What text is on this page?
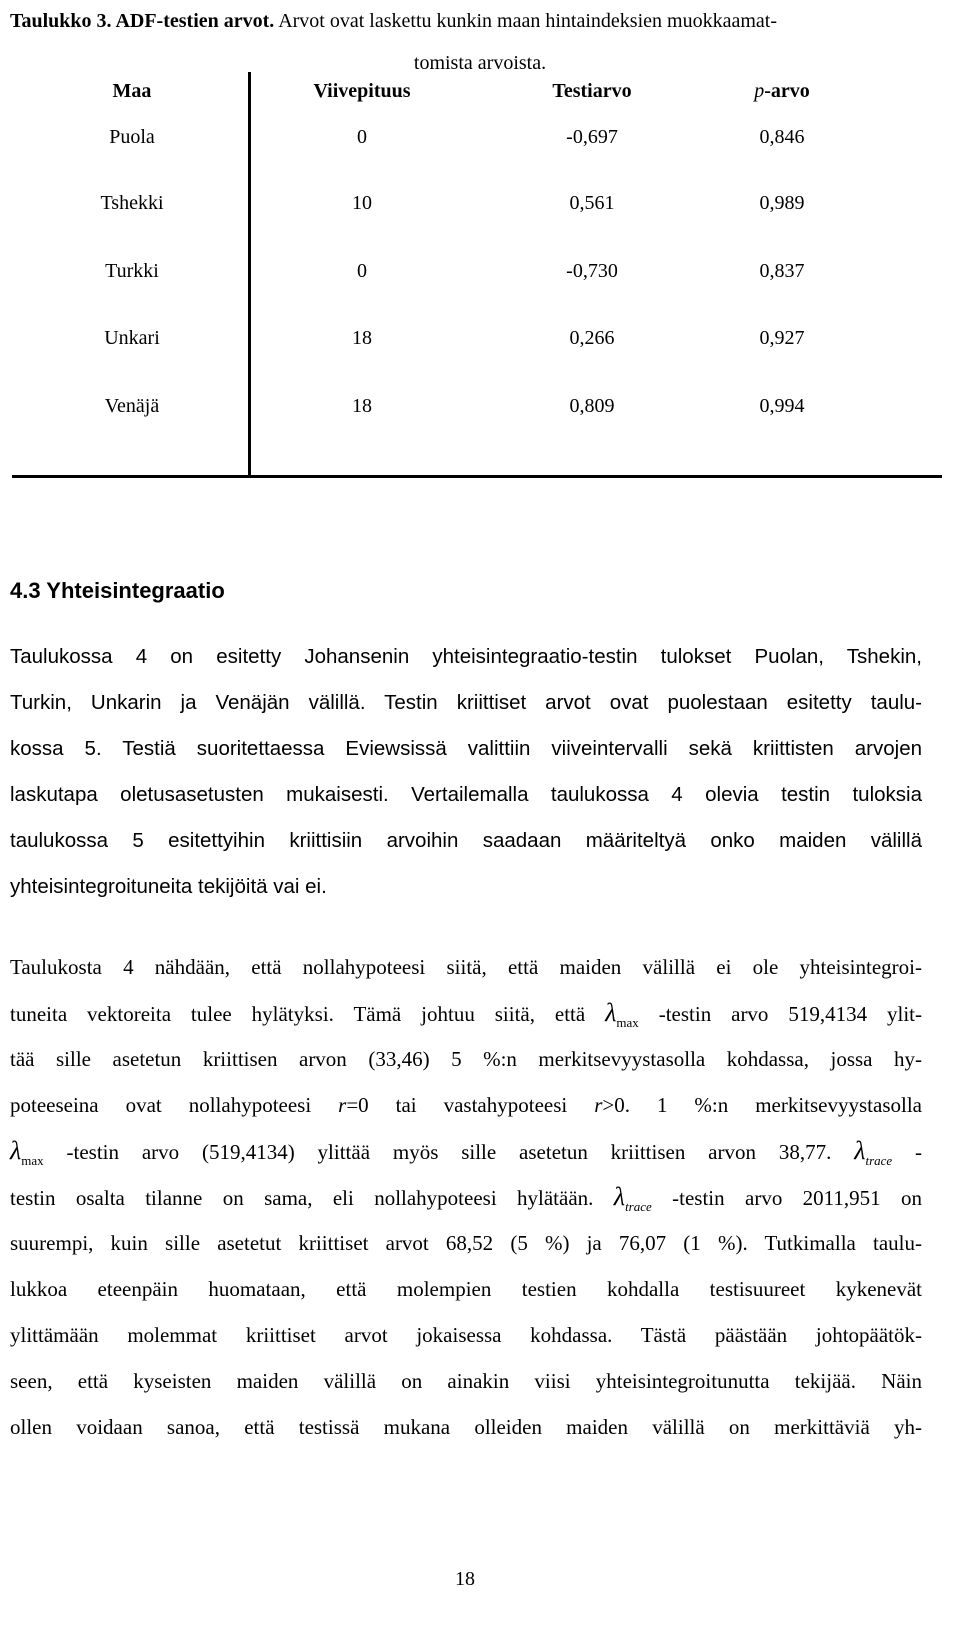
Taulukko 3. ADF-testien arvot. Arvot ovat laskettu kunkin maan hintaindeksien muokkaamat-
tomista arvoista.
Maa	Viivepituus	Testiarvo	p-arvo
Puola	0	-0,697	0,846
Tshekki	10	0,561	0,989
Turkki	0	-0,730	0,837
Unkari	18	0,266	0,927
Venäjä	18	0,809	0,994
4.3 Yhteisintegraatio
Taulukossa 4 on esitetty Johansenin yhteisintegraatio-testin tulokset Puolan, Tshekin,
Turkin, Unkarin ja Venäjän välillä. Testin kriittiset arvot ovat puolestaan esitetty taulu-
kossa 5. Testiä suoritettaessa Eviewsissä valittiin viiveintervalli sekä kriittisten arvojen
laskutapa oletusasetusten mukaisesti. Vertailemalla taulukossa 4 olevia testin tuloksia
taulukossa 5 esitettyihin kriittisiin arvoihin saadaan määriteltyä onko maiden välillä
yhteisintegroituneita tekijöitä vai ei.
Taulukosta 4 nähdään, että nollahypoteesi siitä, että maiden välillä ei ole yhteisintegroi-
tuneita vektoreita tulee hylätyksi. Tämä johtuu siitä, että $\lambda_{max}$ -testin arvo 519,4134 ylit-
tää sille asetetun kriittisen arvon (33,46) 5 %:n merkitsevyystasolla kohdassa, jossa hy-
poteeseina ovat nollahypoteesi r=0 tai vastahypoteesi r>0. 1 %:n merkitsevyystasolla
$\lambda_{max}$ -testin arvo (519,4134) ylittää myös sille asetetun kriittisen arvon 38,77. $\lambda_{trace}$ -
testin osalta tilanne on sama, eli nollahypoteesi hylätään. $\lambda_{trace}$ -testin arvo 2011,951 on
suurempi, kuin sille asetetut kriittiset arvot 68,52 (5 %) ja 76,07 (1 %). Tutkimalla taulu-
lukkoa eteenpäin huomataan, että molempien testien kohdalla testisuureet kykenevät
ylittämään molemmat kriittiset arvot jokaisessa kohdassa. Tästä päästään johtopäätök-
seen, että kyseisten maiden välillä on ainakin viisi yhteisintegroitunutta tekijää. Näin
ollen voidaan sanoa, että testissä mukana olleiden maiden välillä on merkittäviä yh-
18
